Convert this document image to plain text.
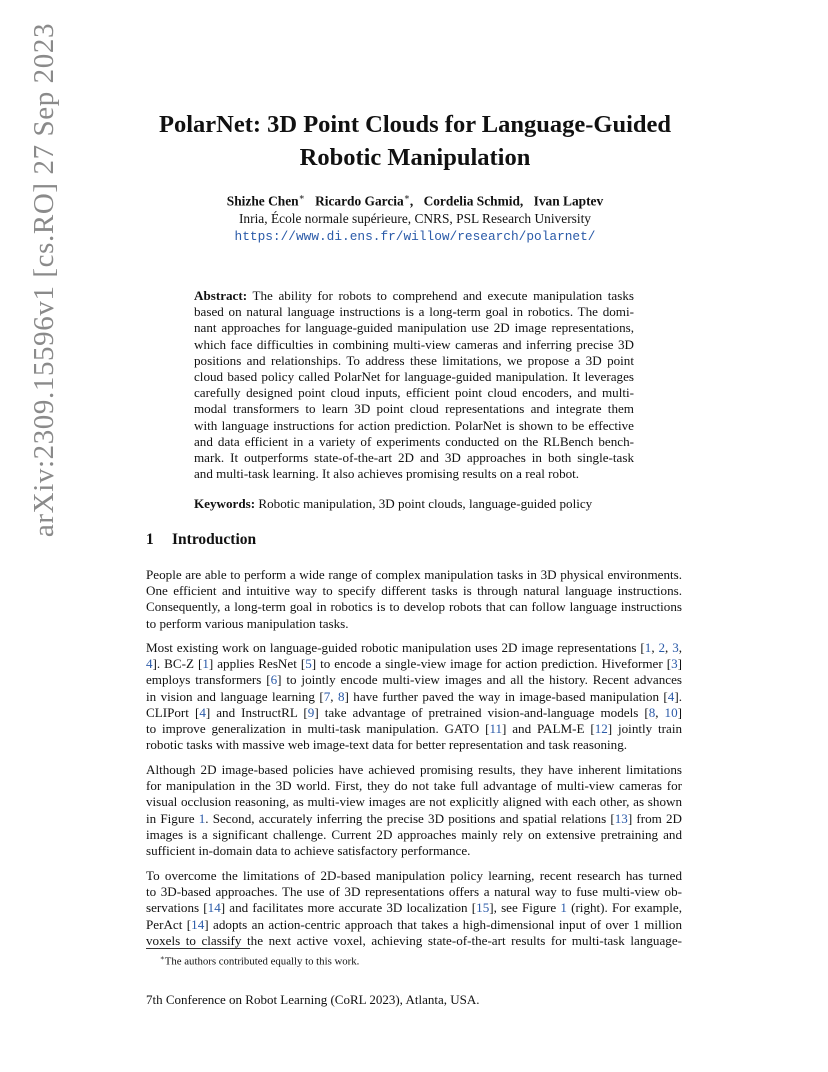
arXiv:2309.15596v1 [cs.RO] 27 Sep 2023	PolarNet: 3D Point Clouds for Language-Guided
Robotic Manipulation
Shizhe Chen∗ Ricardo Garcia∗, Cordelia Schmid, Ivan Laptev
Inria, École normale supérieure, CNRS, PSL Research University
https://www.di.ens.fr/willow/research/polarnet/
Abstract: The ability for robots to comprehend and execute manipulation tasks
based on natural language instructions is a long-term goal in robotics. The domi-
nant approaches for language-guided manipulation use 2D image representations,
which face difficulties in combining multi-view cameras and inferring precise 3D
positions and relationships. To address these limitations, we propose a 3D point
cloud based policy called PolarNet for language-guided manipulation. It leverages
carefully designed point cloud inputs, efficient point cloud encoders, and multi-
modal transformers to learn 3D point cloud representations and integrate them
with language instructions for action prediction. PolarNet is shown to be effective
and data efficient in a variety of experiments conducted on the RLBench bench-
mark. It outperforms state-of-the-art 2D and 3D approaches in both single-task
and multi-task learning. It also achieves promising results on a real robot.
Keywords: Robotic manipulation, 3D point clouds, language-guided policy
1 Introduction
People are able to perform a wide range of complex manipulation tasks in 3D physical environments.
One efficient and intuitive way to specify different tasks is through natural language instructions.
Consequently, a long-term goal in robotics is to develop robots that can follow language instructions
to perform various manipulation tasks.
Most existing work on language-guided robotic manipulation uses 2D image representations [1, 2, 3,
4]. BC-Z [1] applies ResNet [5] to encode a single-view image for action prediction. Hiveformer [3]
employs transformers [6] to jointly encode multi-view images and all the history. Recent advances
in vision and language learning [7, 8] have further paved the way in image-based manipulation [4].
CLIPort [4] and InstructRL [9] take advantage of pretrained vision-and-language models [8, 10]
to improve generalization in multi-task manipulation. GATO [11] and PALM-E [12] jointly train
robotic tasks with massive web image-text data for better representation and task reasoning.
Although 2D image-based policies have achieved promising results, they have inherent limitations
for manipulation in the 3D world. First, they do not take full advantage of multi-view cameras for
visual occlusion reasoning, as multi-view images are not explicitly aligned with each other, as shown
in Figure 1. Second, accurately inferring the precise 3D positions and spatial relations [13] from 2D
images is a significant challenge. Current 2D approaches mainly rely on extensive pretraining and
sufficient in-domain data to achieve satisfactory performance.
To overcome the limitations of 2D-based manipulation policy learning, recent research has turned
to 3D-based approaches. The use of 3D representations offers a natural way to fuse multi-view ob-
servations [14] and facilitates more accurate 3D localization [15], see Figure 1 (right). For example,
PerAct [14] adopts an action-centric approach that takes a high-dimensional input of over 1 million
voxels to classify the next active voxel, achieving state-of-the-art results for multi-task language-
∗The authors contributed equally to this work.
7th Conference on Robot Learning (CoRL 2023), Atlanta, USA.
